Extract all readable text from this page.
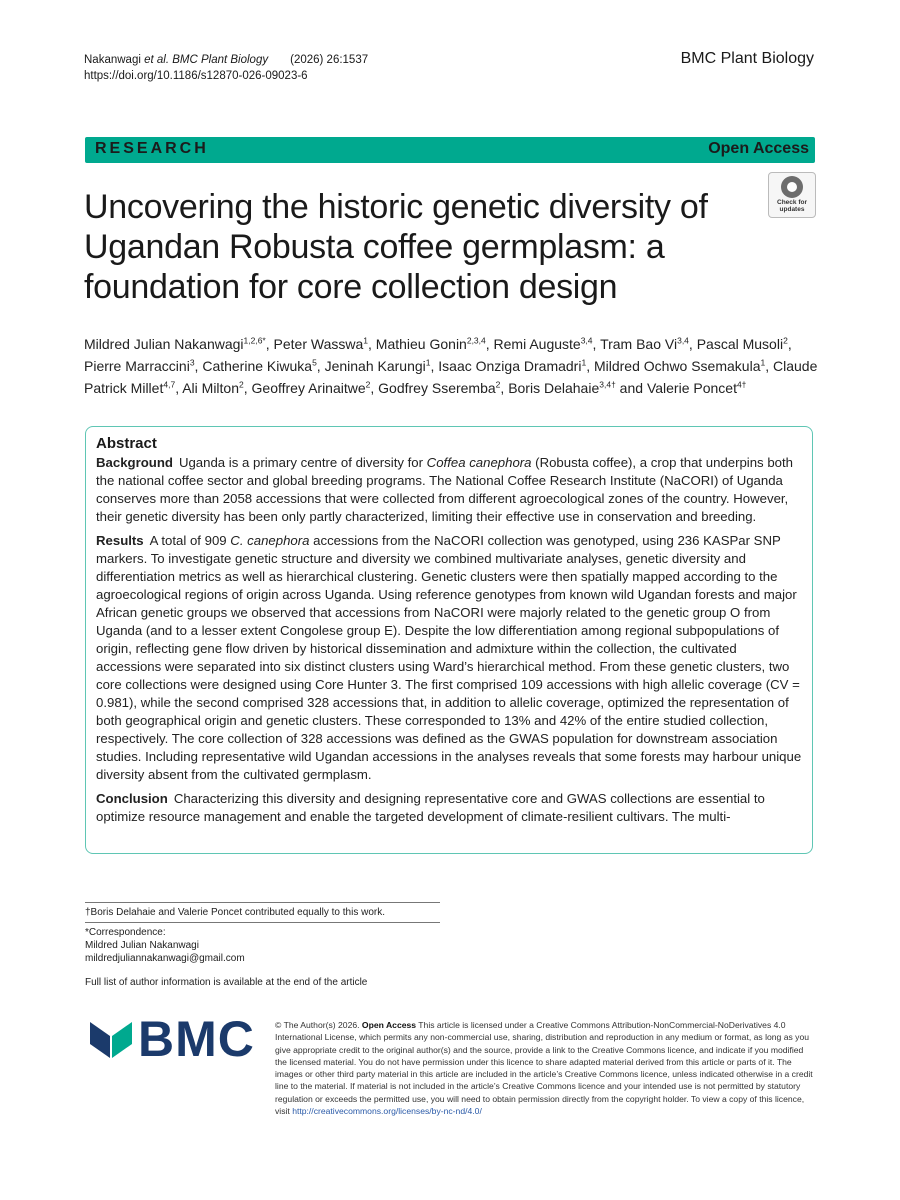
Nakanwagi et al. BMC Plant Biology (2026) 26:1537
https://doi.org/10.1186/s12870-026-09023-6
BMC Plant Biology
RESEARCH	Open Access
Uncovering the historic genetic diversity of Ugandan Robusta coffee germplasm: a foundation for core collection design
Check for
updates

Mildred Julian Nakanwagi$^{1,2,6*}$, Peter Wasswa$^1$, Mathieu Gonin$^{2,3,4}$, Remi Auguste$^{3,4}$, Tram Bao Vi$^{3,4}$, Pascal Musoli$^2$, Pierre Marraccini$^3$, Catherine Kiwuka$^5$, Jeninah Karungi$^1$, Isaac Onziga Dramadri$^1$, Mildred Ochwo Ssemakula$^1$, Claude Patrick Millet$^{4,7}$, Ali Milton$^2$, Geoffrey Arinaitwe$^2$, Godfrey Sseremba$^2$, Boris Delahaie$^{3,4\dagger}$ and Valerie Poncet$^{4\dagger}$

Abstract

Background Uganda is a primary centre of diversity for Coffea canephora (Robusta coffee), a crop that underpins both the national coffee sector and global breeding programs. The National Coffee Research Institute (NaCORI) of Uganda conserves more than 2058 accessions that were collected from different agroecological zones of the country. However, their genetic diversity has been only partly characterized, limiting their effective use in conservation and breeding.

Results A total of 909 C. canephora accessions from the NaCORI collection was genotyped, using 236 KASPar SNP markers. To investigate genetic structure and diversity we combined multivariate analyses, genetic diversity and differentiation metrics as well as hierarchical clustering. Genetic clusters were then spatially mapped according to the agroecological regions of origin across Uganda. Using reference genotypes from known wild Ugandan forests and major African genetic groups we observed that accessions from NaCORI were majorly related to the genetic group O from Uganda (and to a lesser extent Congolese group E). Despite the low differentiation among regional subpopulations of origin, reflecting gene flow driven by historical dissemination and admixture within the collection, the cultivated accessions were separated into six distinct clusters using Ward’s hierarchical method. From these genetic clusters, two core collections were designed using Core Hunter 3. The first comprised 109 accessions with high allelic coverage (CV = 0.981), while the second comprised 328 accessions that, in addition to allelic coverage, optimized the representation of both geographical origin and genetic clusters. These corresponded to 13% and 42% of the entire studied collection, respectively. The core collection of 328 accessions was defined as the GWAS population for downstream association studies. Including representative wild Ugandan accessions in the analyses reveals that some forests may harbour unique diversity absent from the cultivated germplasm.

Conclusion Characterizing this diversity and designing representative core and GWAS collections are essential to optimize resource management and enable the targeted development of climate-resilient cultivars. The multi-

†Boris Delahaie and Valerie Poncet contributed equally to this work.
*Correspondence:
Mildred Julian Nakanwagi
mildredjuliannakanwagi@gmail.com
Full list of author information is available at the end of the article
BMC © The Author(s) 2026. Open Access This article is licensed under a Creative Commons Attribution-NonCommercial-NoDerivatives 4.0 International License, which permits any non-commercial use, sharing, distribution and reproduction in any medium or format, as long as you give appropriate credit to the original author(s) and the source, provide a link to the Creative Commons licence, and indicate if you modified the licensed material. You do not have permission under this licence to share adapted material derived from this article or parts of it. The images or other third party material in this article are included in the article’s Creative Commons licence, unless indicated otherwise in a credit line to the material. If material is not included in the article’s Creative Commons licence and your intended use is not permitted by statutory regulation or exceeds the permitted use, you will need to obtain permission directly from the copyright holder. To view a copy of this licence, visit http://creativecommons.org/licenses/by-nc-nd/4.0/
